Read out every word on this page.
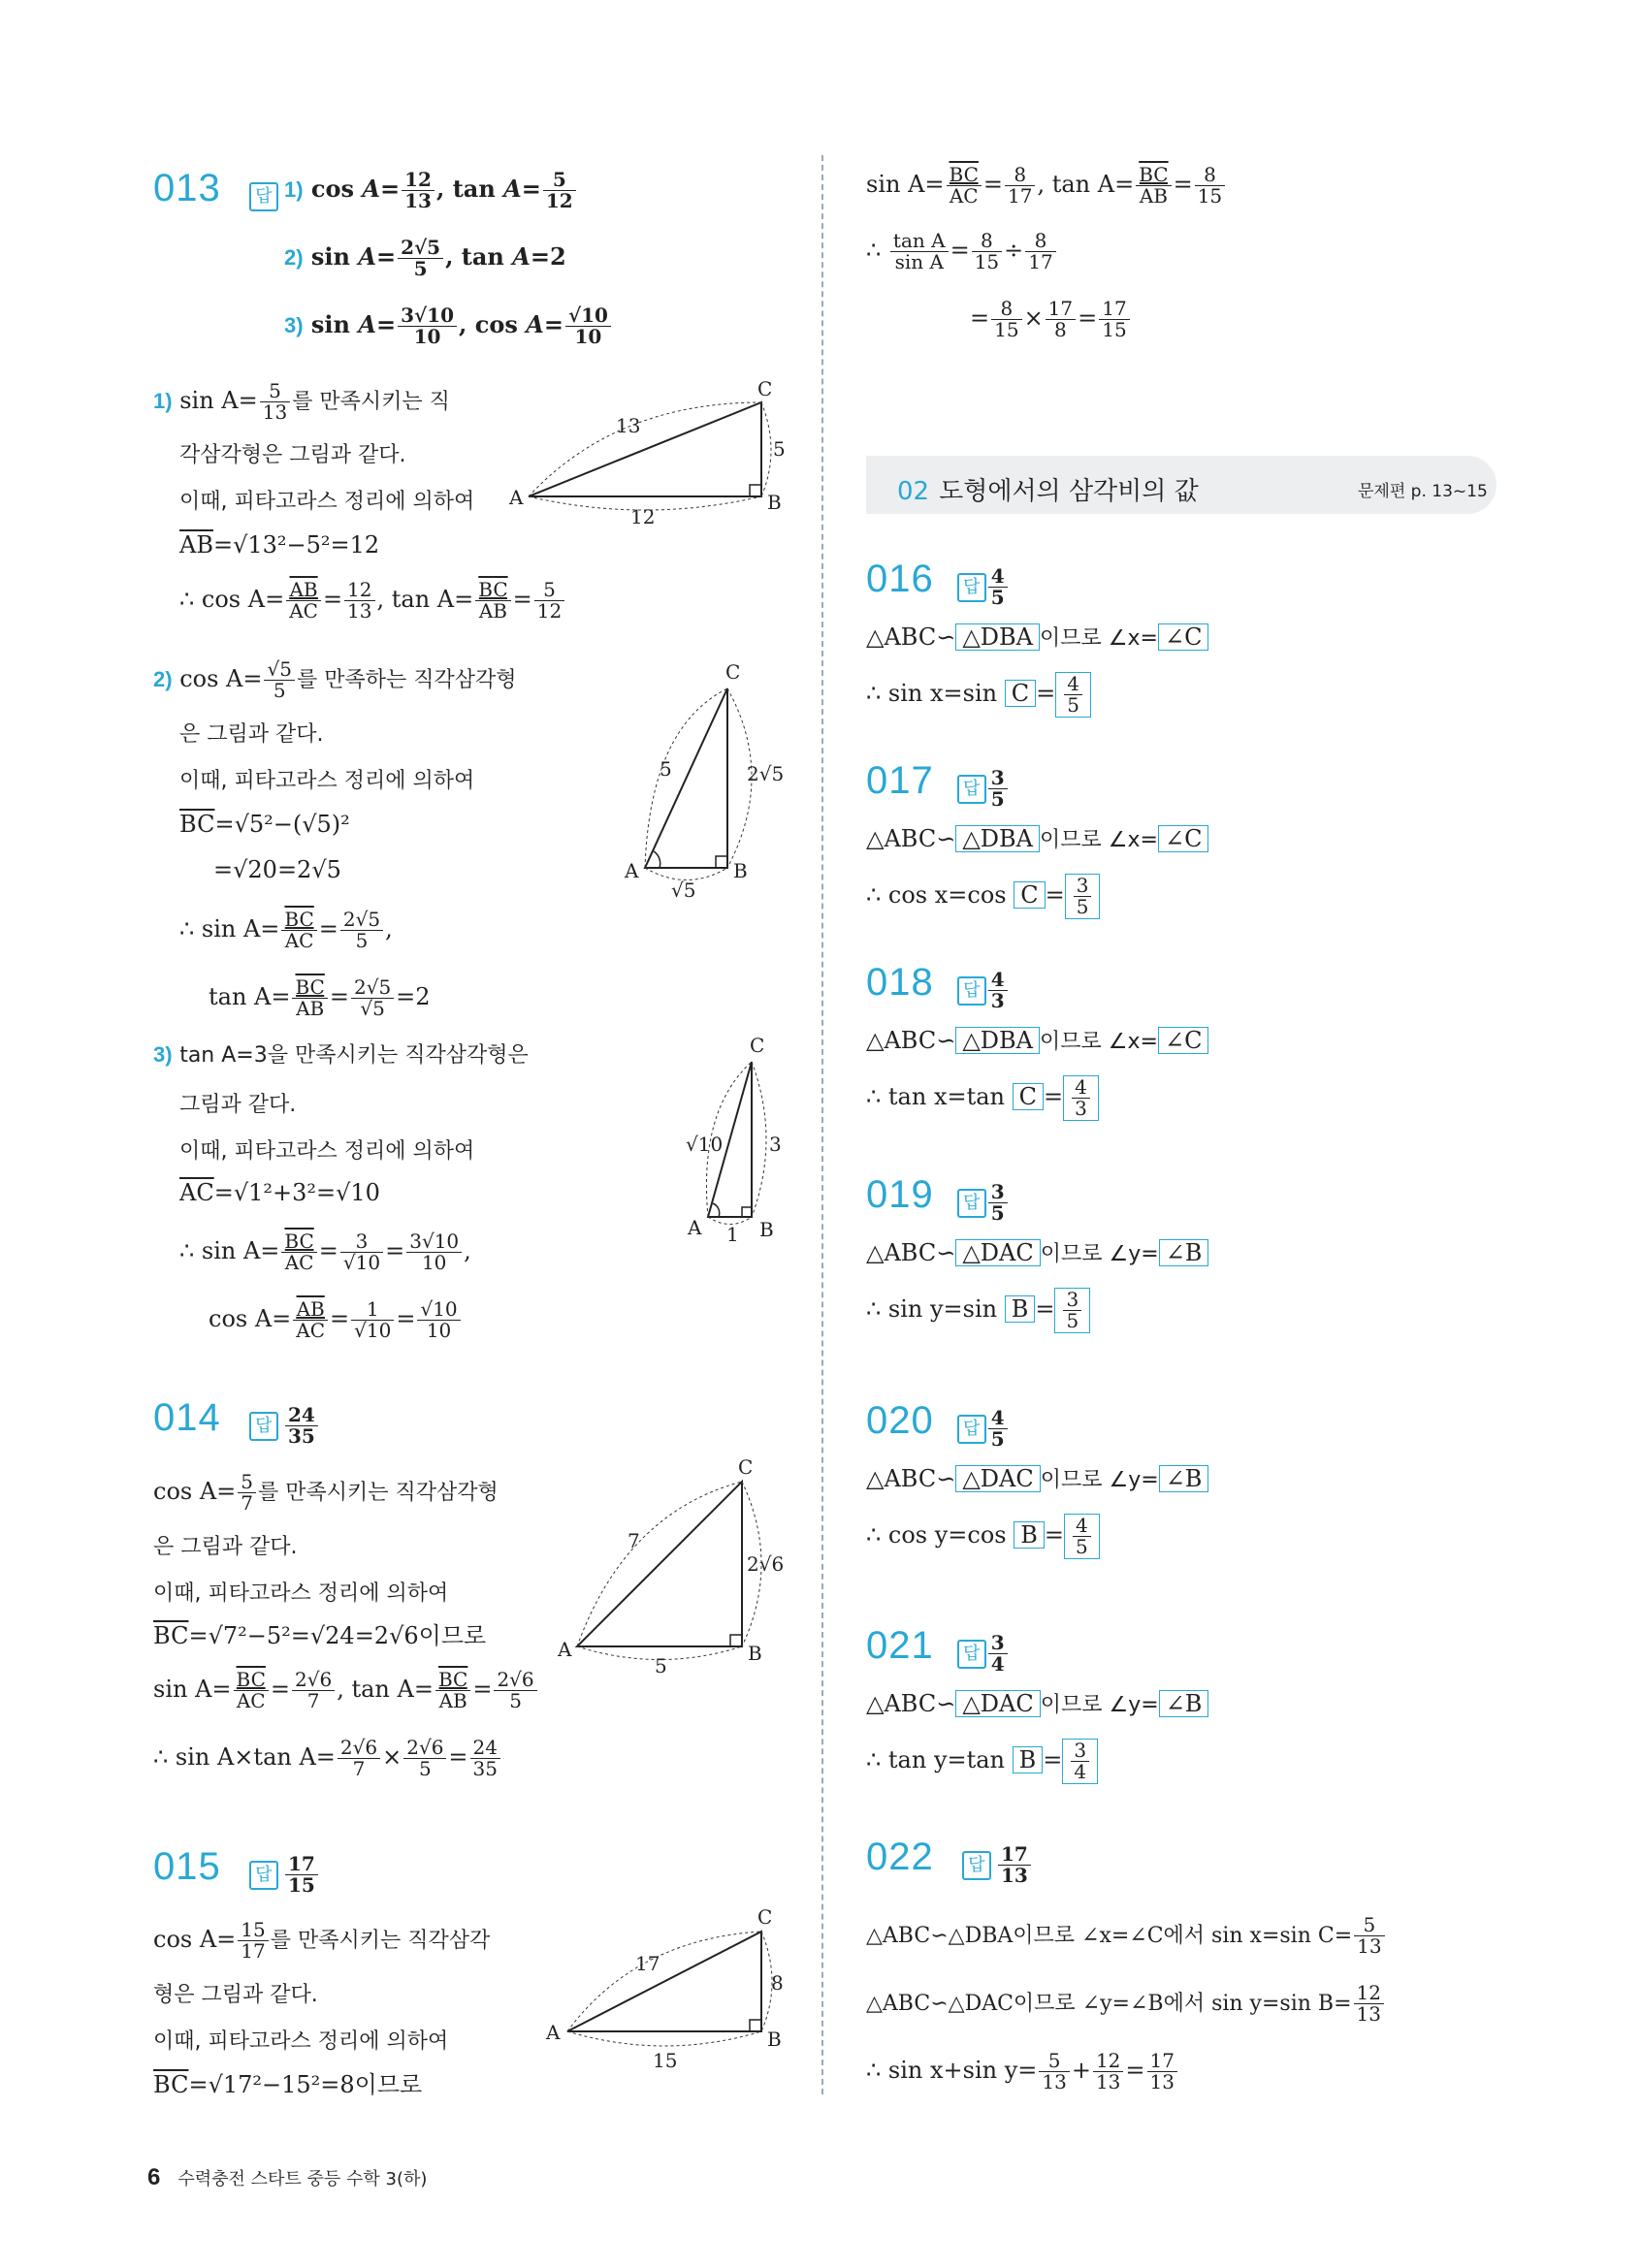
013 답 1) $\cos A= \frac{12}{13}$ , $\tan A= \frac{5}{12}$
2) $\sin A= \frac{2√5}{5}$ , tan A=2
3) $\sin A= \frac{3√10}{10}$ , $\cos A= \frac{√10}{10}$
1) $\sin A= \frac{5}{13}$ 를 만족시키는 직
각삼각형은 그림과 같다.
이때, 피타고라스 정리에 의하여
$\overline{AB}=√13^2-5^2=12$
∴ $\cos A= \frac{\overline{AB}}{AC} = \frac{12}{13}$ , $\tan A= \frac{\overline{BC}}{AB} = \frac{5}{12}$
A	B
C
13
5
12
2) $\cos A= \frac{√5}{5}$ 를 만족하는 직각삼각형
은 그림과 같다.
이때, 피타고라스 정리에 의하여
$\overline{BC}=√5^2-(√5)^2$
=√20=2√5
∴ $\sin A= \frac{\overline{BC}}{AC} = \frac{2√5}{5}$ ,
$\tan A= \frac{\overline{BC}}{AB} = \frac{2√5}{√5} =2$
A	B
C
5	2√5
√5
3) tan A=3을 만족시키는 직각삼각형은
그림과 같다.
이때, 피타고라스 정리에 의하여
$\overline{AC}=√1^2+3^2=√10$
∴ $\sin A= \frac{\overline{BC}}{AC} = \frac{3}{√10} = \frac{3√10}{10}$ ,
$\cos A= \frac{\overline{AB}}{AC} = \frac{1}{√10} = \frac{√10}{10}$
A	B
C
√10 3
1
014 답 $\frac{24}{35}$
$\cos A= \frac{5}{7}$ 를 만족시키는 직각삼각형
은 그림과 같다.
이때, 피타고라스 정리에 의하여
$\overline{BC}=√7^2-5^2=√24=2√6$이므로
$\sin A= \frac{\overline{BC}}{AC} = \frac{2√6}{7}$ , $\tan A= \frac{\overline{BC}}{AB} = \frac{2√6}{5}$
∴ sin A×tan $A= \frac{2√6}{7} \times \frac{2√6}{5} = \frac{24}{35}$
A	B
C
7
2√6
5
015 답 $\frac{17}{15}$
$\cos A= \frac{15}{17}$ 를 만족시키는 직각삼각
형은 그림과 같다.
이때, 피타고라스 정리에 의하여
$\overline{BC}=√17^2-15^2=8$이므로
A	B
C
17
8
15
$\sin A= \frac{\overline{BC}}{AC} = \frac{8}{17}$ , $\tan A= \frac{\overline{BC}}{AB} = \frac{8}{15}$
∴ $\frac{\text{tan A}}{\text{sin A}} = \frac{8}{15} \div \frac{8}{17}$
= $\frac{8}{15} \times \frac{17}{8} = \frac{17}{15}$
02 도형에서의 삼각비의 값	문제편 p. 13~15
016 답 $\frac{4}{5}$
△ABC∽ △DBA 이므로 ∠x= ∠C
∴ sin x=sin $C = \frac{4}{5}$
017 답 $\frac{3}{5}$
△ABC∽ △DBA 이므로 ∠x= ∠C
∴ cos x=cos $C = \frac{3}{5}$
018 답 $\frac{4}{3}$
△ABC∽ △DBA 이므로 ∠x= ∠C
∴ tan x=tan $C = \frac{4}{3}$
019 답 $\frac{3}{5}$
△ABC∽ △DAC 이므로 ∠y= ∠B
∴ sin y=sin $B = \frac{3}{5}$
020 답 $\frac{4}{5}$
△ABC∽ △DAC 이므로 ∠y= ∠B
∴ cos y=cos $B = \frac{4}{5}$
021 답 $\frac{3}{4}$
△ABC∽ △DAC 이므로 ∠y= ∠B
∴ tan y=tan $B = \frac{3}{4}$
022 답 $\frac{17}{13}$
△ABC∽△DBA이므로 ∠x=∠C에서 sin x=sin $C= \frac{5}{13}$
△ABC∽△DAC이므로 ∠y=∠B에서 sin y=sin $B= \frac{12}{13}$
∴ sin x+sin $y= \frac{5}{13} + \frac{12}{13} = \frac{17}{13}$
6 수력충전 스타트 중등 수학 3(하)
